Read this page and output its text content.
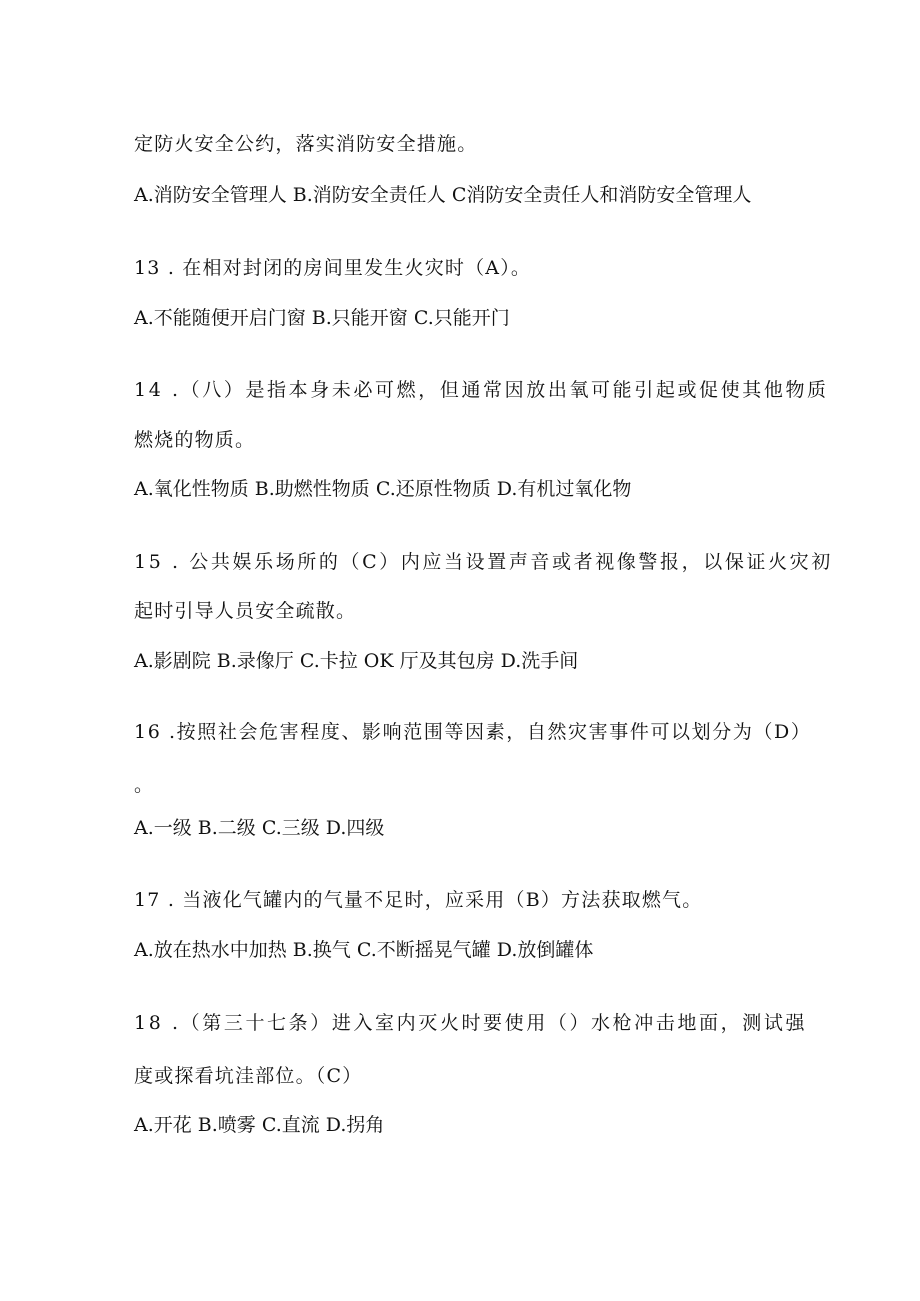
定防火安全公约，落实消防安全措施。
A.消防安全管理人 B.消防安全责任人 C消防安全责任人和消防安全管理人
13 . 在相对封闭的房间里发生火灾时（A）。
A.不能随便开启门窗 B.只能开窗 C.只能开门
14 .（八）是指本身未必可燃，但通常因放出氧可能引起或促使其他物质
燃烧的物质。
A.氧化性物质 B.助燃性物质 C.还原性物质 D.有机过氧化物
15 . 公共娱乐场所的（C）内应当设置声音或者视像警报，以保证火灾初
起时引导人员安全疏散。
A.影剧院 B.录像厅 C.卡拉 OK 厅及其包房 D.洗手间
16 .按照社会危害程度、影响范围等因素，自然灾害事件可以划分为（D）
。
A.一级 B.二级 C.三级 D.四级
17 . 当液化气罐内的气量不足时，应采用（B）方法获取燃气。
A.放在热水中加热 B.换气 C.不断摇晃气罐 D.放倒罐体
18 .（第三十七条）进入室内灭火时要使用（）水枪冲击地面，测试强
度或探看坑洼部位。（C）
A.开花 B.喷雾 C.直流 D.拐角
